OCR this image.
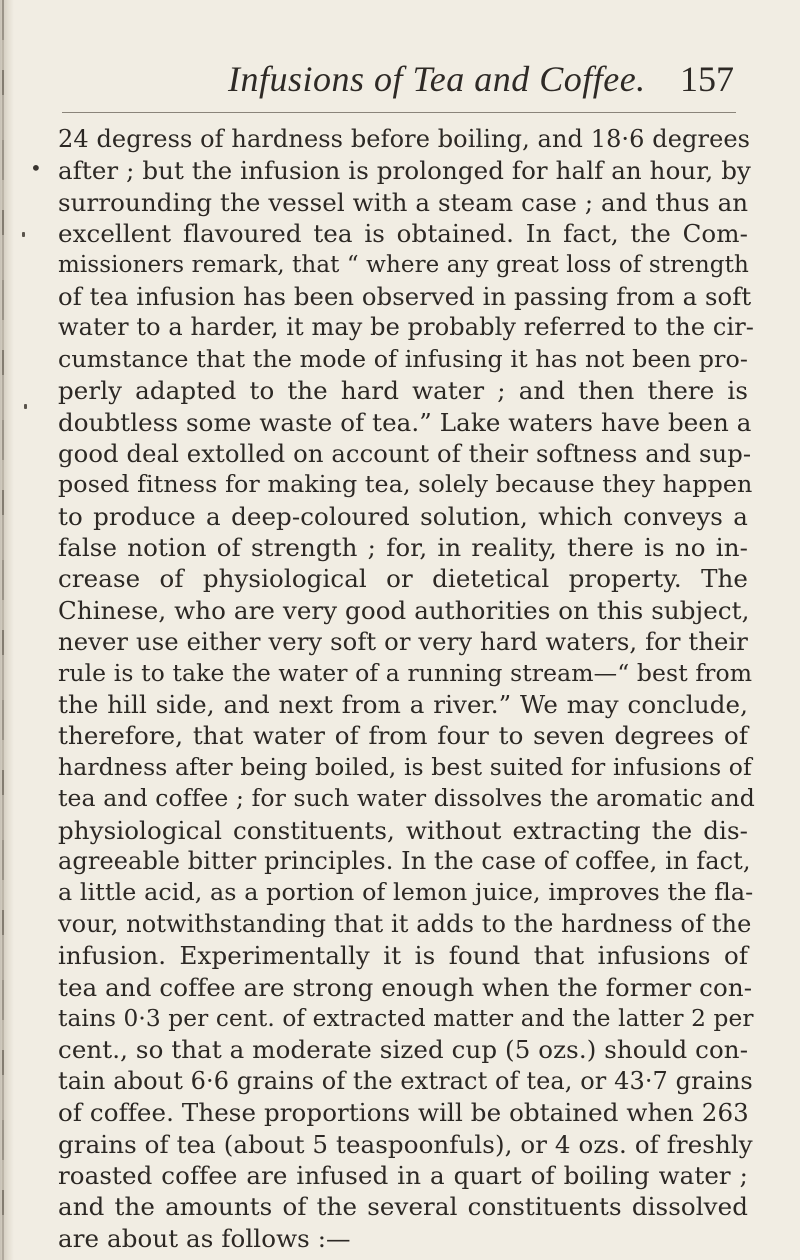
Infusions of Tea and Coffee. 157
•
24 degress of hardness before boiling, and 18·6 degrees
after ; but the infusion is prolonged for half an hour, by
surrounding the vessel with a steam case ; and thus an
excellent flavoured tea is obtained. In fact, the Com-
missioners remark, that “ where any great loss of strength
of tea infusion has been observed in passing from a soft
water to a harder, it may be probably referred to the cir-
cumstance that the mode of infusing it has not been pro-
perly adapted to the hard water ; and then there is
doubtless some waste of tea.” Lake waters have been a
good deal extolled on account of their softness and sup-
posed fitness for making tea, solely because they happen
to produce a deep-coloured solution, which conveys a
false notion of strength ; for, in reality, there is no in-
crease of physiological or dietetical property. The
Chinese, who are very good authorities on this subject,
never use either very soft or very hard waters, for their
rule is to take the water of a running stream—“ best from
the hill side, and next from a river.” We may conclude,
therefore, that water of from four to seven degrees of
hardness after being boiled, is best suited for infusions of
tea and coffee ; for such water dissolves the aromatic and
physiological constituents, without extracting the dis-
agreeable bitter principles. In the case of coffee, in fact,
a little acid, as a portion of lemon juice, improves the fla-
vour, notwithstanding that it adds to the hardness of the
infusion. Experimentally it is found that infusions of
tea and coffee are strong enough when the former con-
tains 0·3 per cent. of extracted matter and the latter 2 per
cent., so that a moderate sized cup (5 ozs.) should con-
tain about 6·6 grains of the extract of tea, or 43·7 grains
of coffee. These proportions will be obtained when 263
grains of tea (about 5 teaspoonfuls), or 4 ozs. of freshly
roasted coffee are infused in a quart of boiling water ;
and the amounts of the several constituents dissolved
are about as follows :—
